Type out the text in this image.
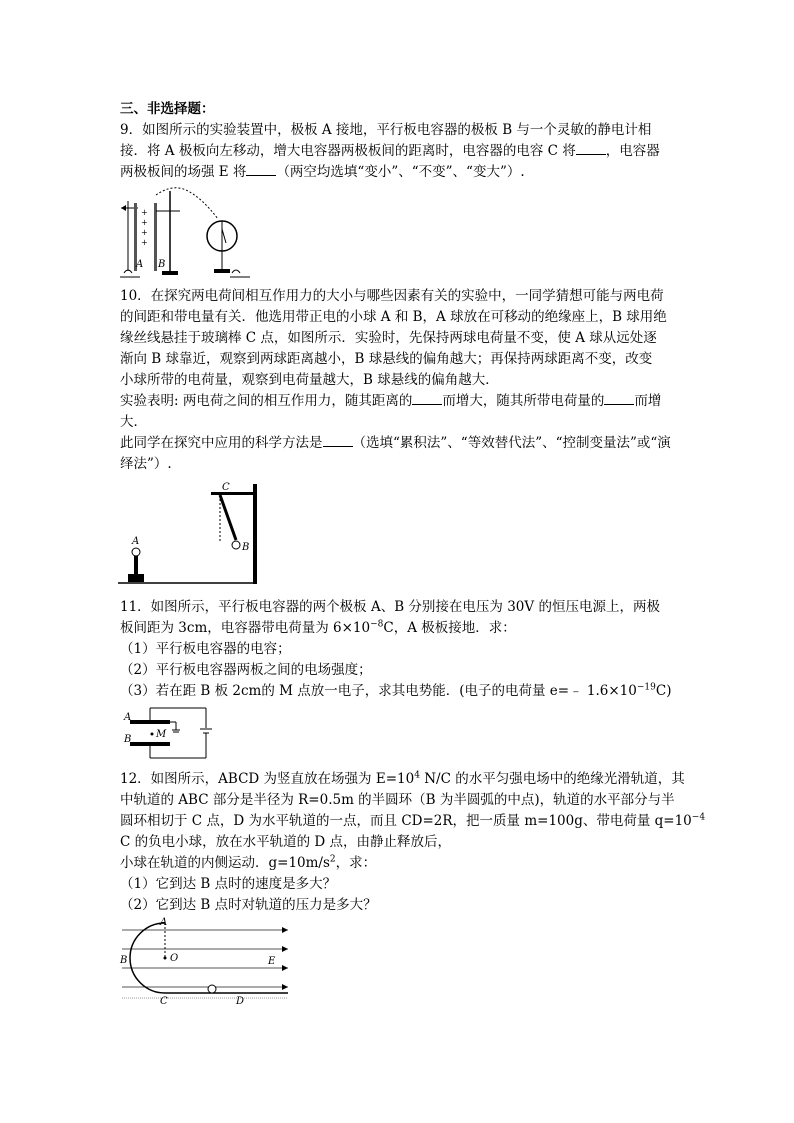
三、非选择题：
9．如图所示的实验装置中，极板 A 接地，平行板电容器的极板 B 与一个灵敏的静电计相
接．将 A 极板向左移动，增大电容器两极板间的距离时，电容器的电容 C 将 ，电容器
两极板间的场强 E 将 （两空均选填“变小”、“不变”、“变大”）.
+
+
+
+
A B
10．在探究两电荷间相互作用力的大小与哪些因素有关的实验中，一同学猜想可能与两电荷
的间距和带电量有关．他选用带正电的小球 A 和 B，A 球放在可移动的绝缘座上，B 球用绝
缘丝线悬挂于玻璃棒 C 点，如图所示．实验时，先保持两球电荷量不变，使 A 球从远处逐
渐向 B 球靠近，观察到两球距离越小，B 球悬线的偏角越大；再保持两球距离不变，改变
小球所带的电荷量，观察到电荷量越大，B 球悬线的偏角越大．
实验表明: 两电荷之间的相互作用力，随其距离的 而增大，随其所带电荷量的 而增
大．
此同学在探究中应用的科学方法是 （选填“累积法”、“等效替代法”、“控制变量法”或“演
绎法”）.
C
B
A
11．如图所示，平行板电容器的两个极板 A、B 分别接在电压为 30V 的恒压电源上，两极
板间距为 3cm，电容器带电荷量为 $6\times 10^{-8}C$，A 极板接地．求：
（1）平行板电容器的电容；
（2）平行板电容器两板之间的电场强度；
（3）若在距 B 板 2cm的 M 点放一电子，求其电势能．(电子的电荷量 e=﹣ $1.6\times 10^{-19}C$)
A
B M
12．如图所示，ABCD 为竖直放在场强为 $E=10^4$ N/C 的水平匀强电场中的绝缘光滑轨道，其
中轨道的 ABC 部分是半径为 R=0.5m 的半圆环（B 为半圆弧的中点)，轨道的水平部分与半
圆环相切于 C 点，D 为水平轨道的一点，而且 CD=2R，把一质量 m=100g、带电荷量 $q=10^{-4}$
C 的负电小球，放在水平轨道的 D 点，由静止释放后，
小球在轨道的内侧运动．$g=10m/s^2$，求：
（1）它到达 B 点时的速度是多大？
（2）它到达 B 点时对轨道的压力是多大？
A
B
C	D
O	E
